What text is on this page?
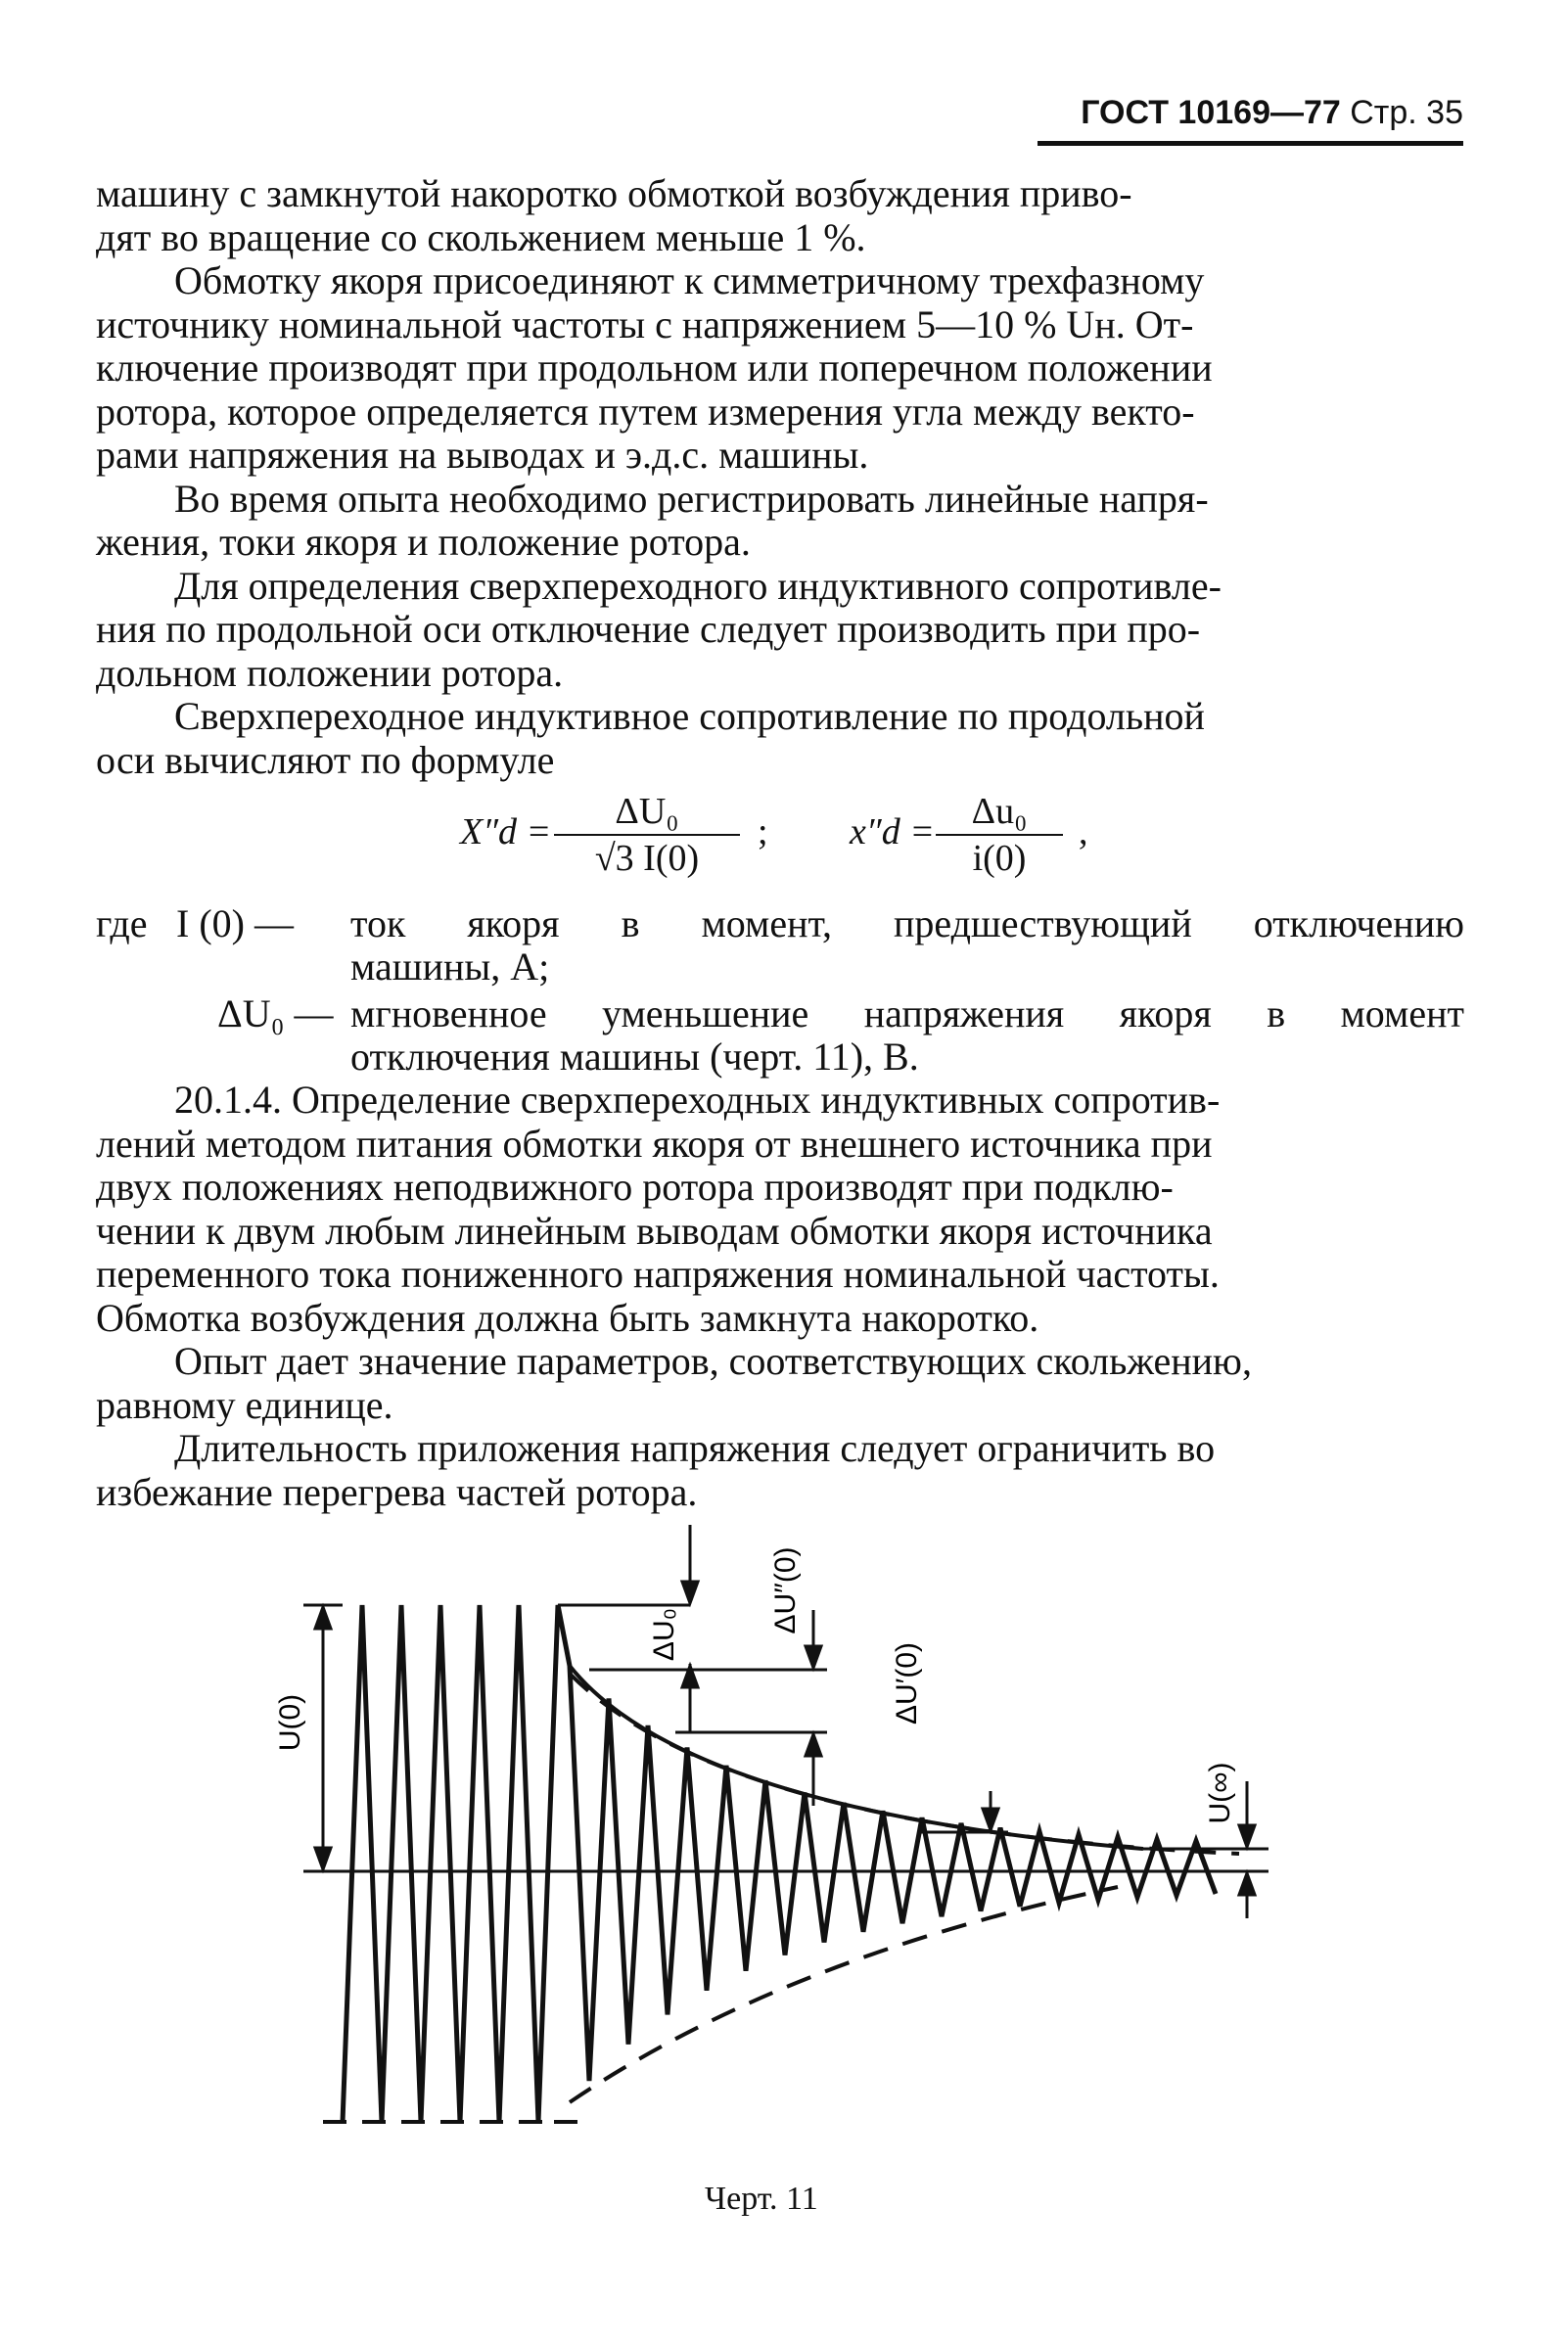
ГОСТ 10169—77 Стр. 35

машину с замкнутой накоротко обмоткой возбуждения приво-
дят во вращение со скольжением меньше 1 %.

Обмотку якоря присоединяют к симметричному трехфазному
источнику номинальной частоты с напряжением 5—10 % Uн. От-
ключение производят при продольном или поперечном положении
ротора, которое определяется путем измерения угла между векто-
рами напряжения на выводах и э.д.с. машины.

Во время опыта необходимо регистрировать линейные напря-
жения, токи якоря и положение ротора.

Для определения сверхпереходного индуктивного сопротивле-
ния по продольной оси отключение следует производить при про-
дольном положении ротора.

Сверхпереходное индуктивное сопротивление по продольной
оси вычисляют по формуле

$X''d = \frac{\text{ΔU₀}}{√3 I(0)}$ ; $x''d = \frac{\text{Δu₀}}{i(0)}$ ,
где I (0) — ток якоря в момент, предшествующий отключению
машины, А;
ΔU₀ — мгновенное уменьшение напряжения якоря в момент
отключения машины (черт. 11), В.

20.1.4. Определение сверхпереходных индуктивных сопротив-
лений методом питания обмотки якоря от внешнего источника при
двух положениях неподвижного ротора производят при подклю-
чении к двум любым линейным выводам обмотки якоря источника
переменного тока пониженного напряжения номинальной частоты.
Обмотка возбуждения должна быть замкнута накоротко.

Опыт дает значение параметров, соответствующих скольжению,
равному единице.

Длительность приложения напряжения следует ограничить во
избежание перегрева частей ротора.

U(0)
ΔU₀
ΔU″(0)
ΔU′(0)
U(∞)
Черт. 11
